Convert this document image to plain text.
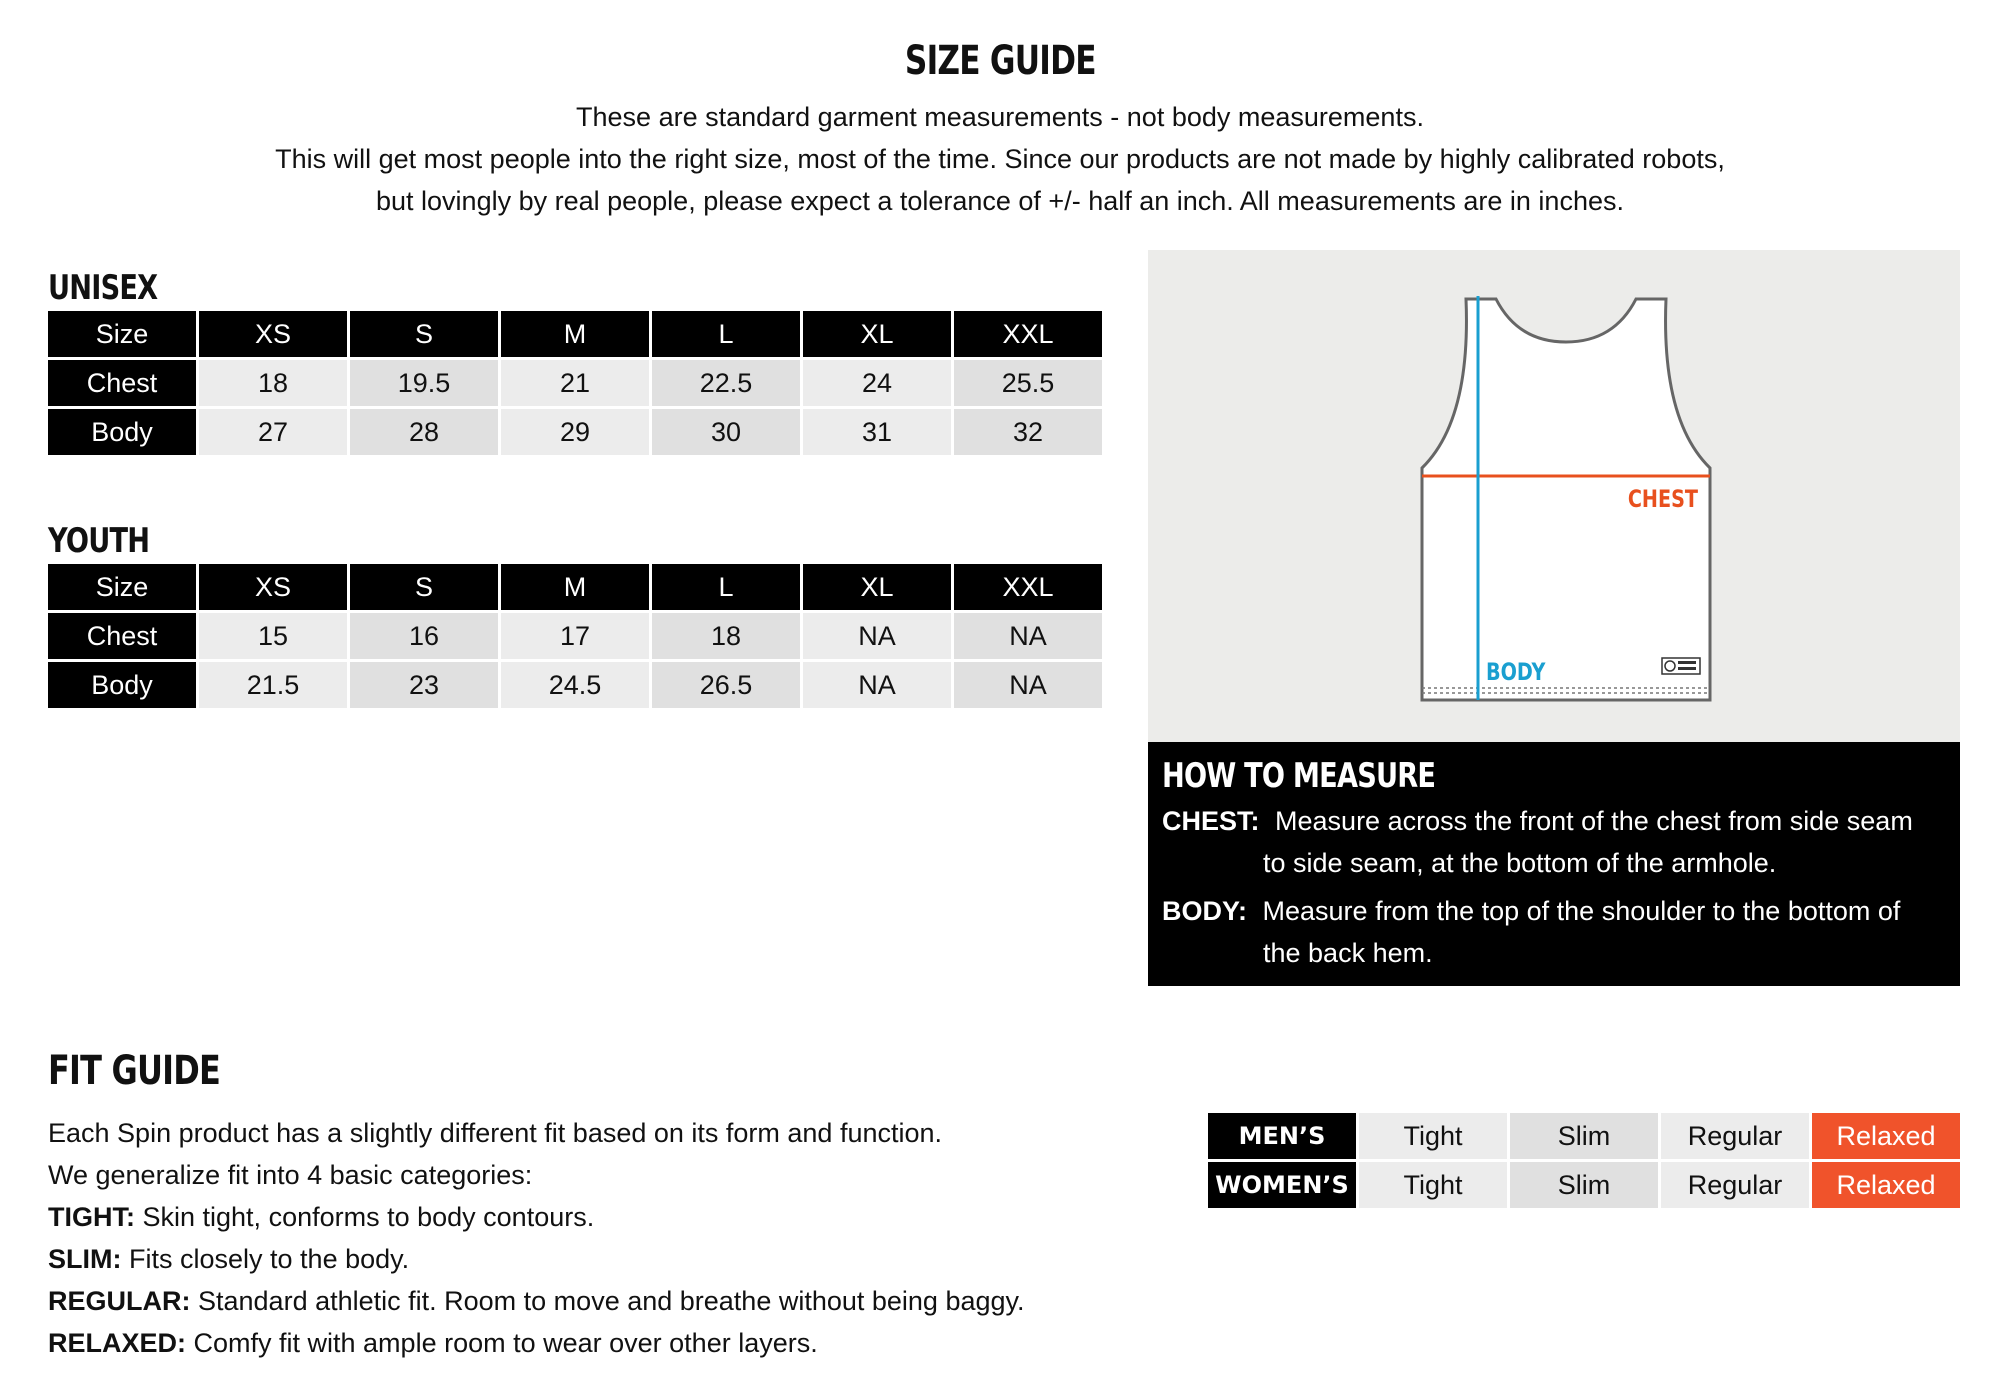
SIZE GUIDE
These are standard garment measurements - not body measurements.
This will get most people into the right size, most of the time. Since our products are not made by highly calibrated robots,
but lovingly by real people, please expect a tolerance of +/- half an inch. All measurements are in inches.
UNISEX
Size	XS	S	M	L	XL	XXL
Chest	18	19.5	21	22.5	24	25.5
Body	27	28	29	30	31	32
YOUTH
Size	XS	S	M	L	XL	XXL
Chest	15	16	17	18	NA	NA
Body	21.5	23	24.5	26.5	NA	NA
CHEST
BODY
HOW TO MEASURE
CHEST: Measure across the front of the chest from side seam
to side seam, at the bottom of the armhole.
BODY: Measure from the top of the shoulder to the bottom of
the back hem.
FIT GUIDE
Each Spin product has a slightly different fit based on its form and function.
We generalize fit into 4 basic categories:
TIGHT: Skin tight, conforms to body contours.
SLIM: Fits closely to the body.
REGULAR: Standard athletic fit. Room to move and breathe without being baggy.
RELAXED: Comfy fit with ample room to wear over other layers.
MEN’S	Tight	Slim	Regular	Relaxed
WOMEN’S	Tight	Slim	Regular	Relaxed
